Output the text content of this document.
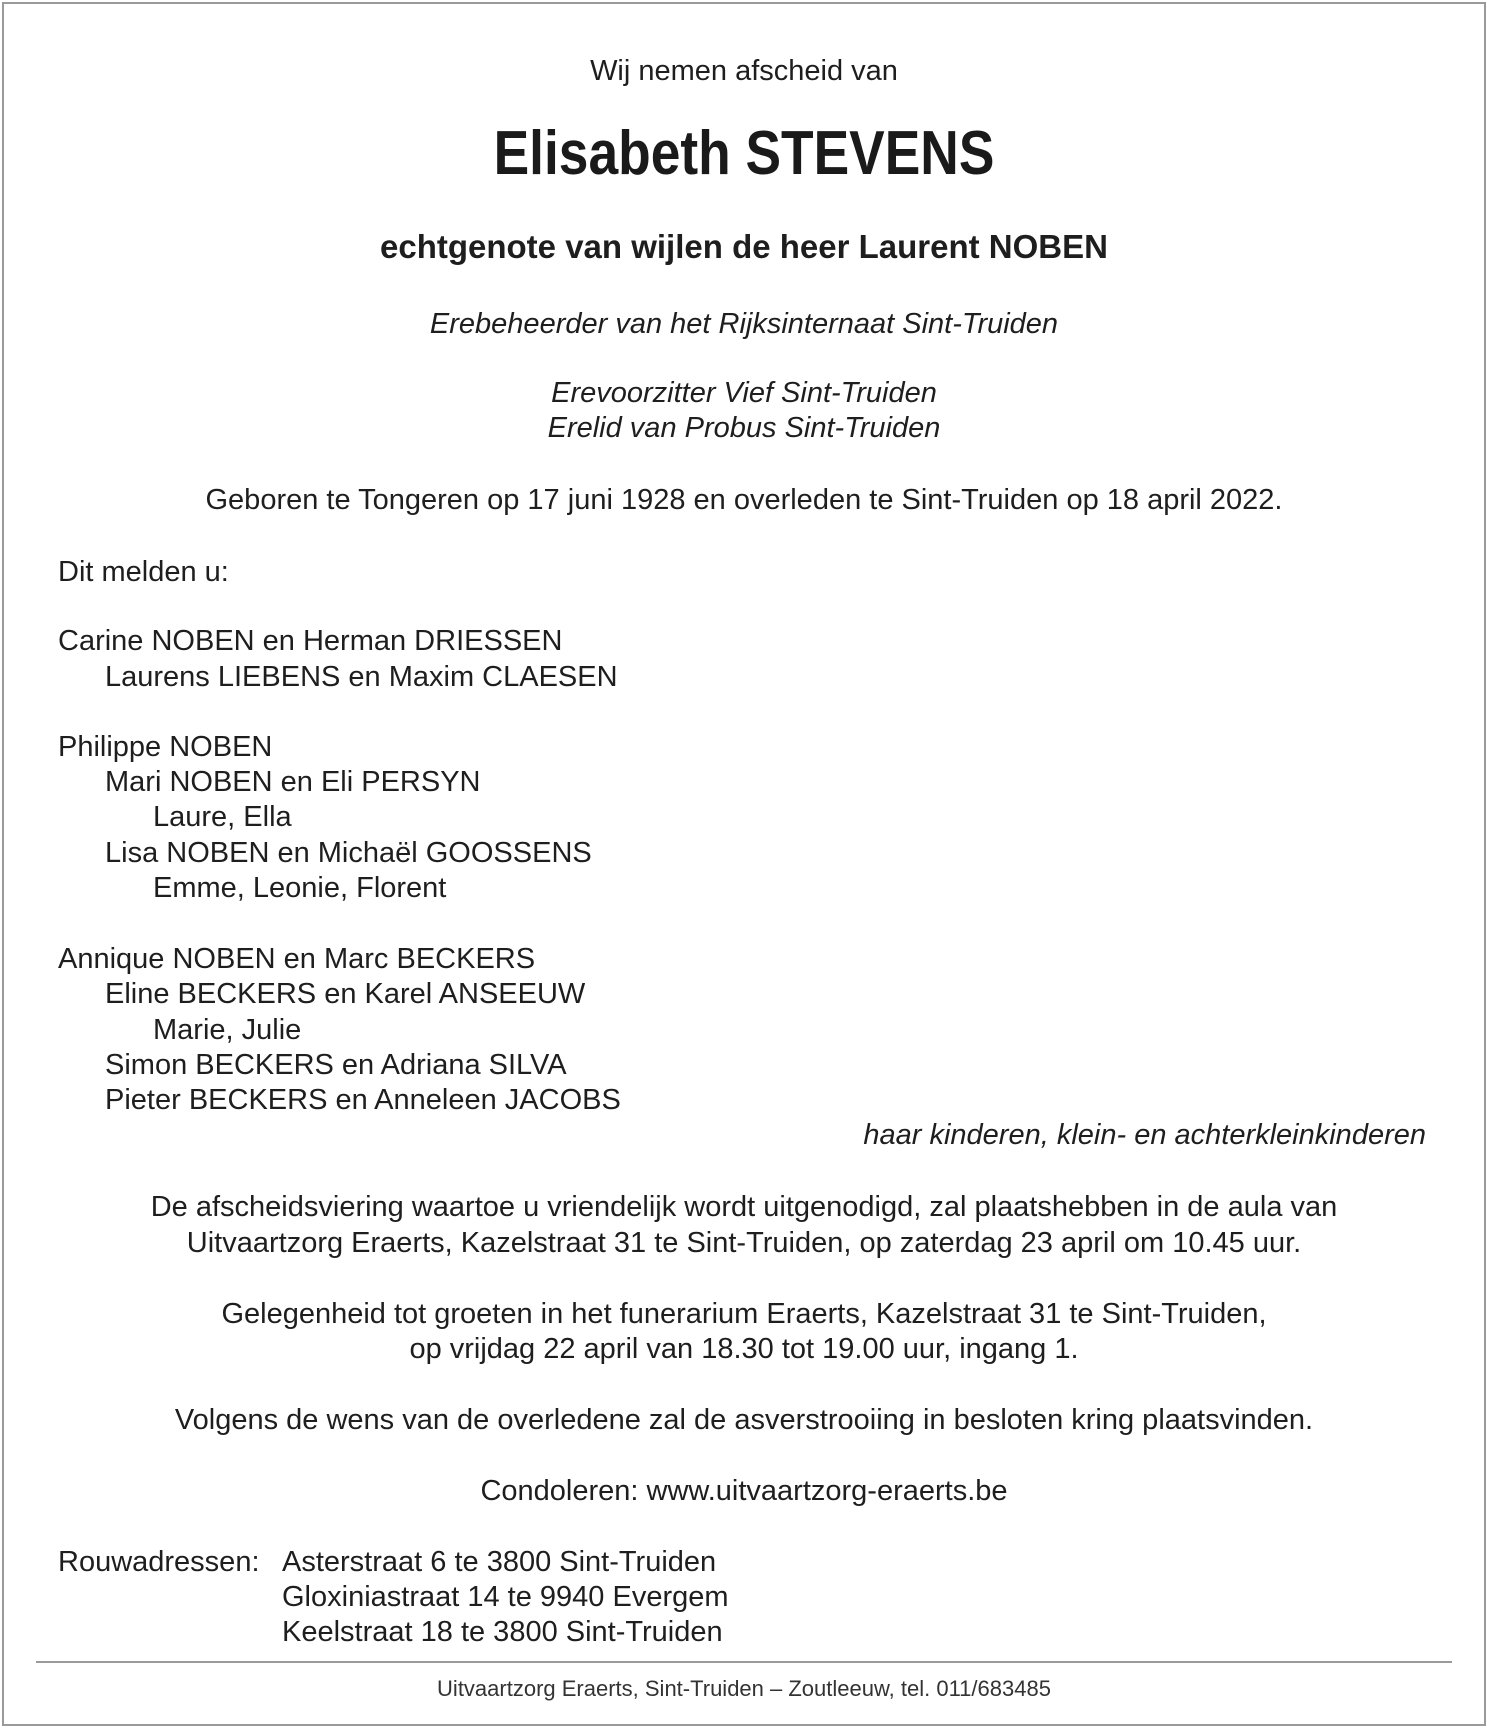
Wij nemen afscheid van
Elisabeth STEVENS
echtgenote van wijlen de heer Laurent NOBEN
Erebeheerder van het Rijksinternaat Sint-Truiden
Erevoorzitter Vief Sint-Truiden
Erelid van Probus Sint-Truiden
Geboren te Tongeren op 17 juni 1928 en overleden te Sint-Truiden op 18 april 2022.
Dit melden u:
Carine NOBEN en Herman DRIESSEN
Laurens LIEBENS en Maxim CLAESEN
Philippe NOBEN
Mari NOBEN en Eli PERSYN
Laure, Ella
Lisa NOBEN en Michaël GOOSSENS
Emme, Leonie, Florent
Annique NOBEN en Marc BECKERS
Eline BECKERS en Karel ANSEEUW
Marie, Julie
Simon BECKERS en Adriana SILVA
Pieter BECKERS en Anneleen JACOBS
haar kinderen, klein- en achterkleinkinderen
De afscheidsviering waartoe u vriendelijk wordt uitgenodigd, zal plaatshebben in de aula van
Uitvaartzorg Eraerts, Kazelstraat 31 te Sint-Truiden, op zaterdag 23 april om 10.45 uur.
Gelegenheid tot groeten in het funerarium Eraerts, Kazelstraat 31 te Sint-Truiden,
op vrijdag 22 april van 18.30 tot 19.00 uur, ingang 1.
Volgens de wens van de overledene zal de asverstrooiing in besloten kring plaatsvinden.
Condoleren: www.uitvaartzorg-eraerts.be
Rouwadressen: Asterstraat 6 te 3800 Sint-Truiden
Gloxiniastraat 14 te 9940 Evergem
Keelstraat 18 te 3800 Sint-Truiden
Uitvaartzorg Eraerts, Sint-Truiden – Zoutleeuw, tel. 011/683485
